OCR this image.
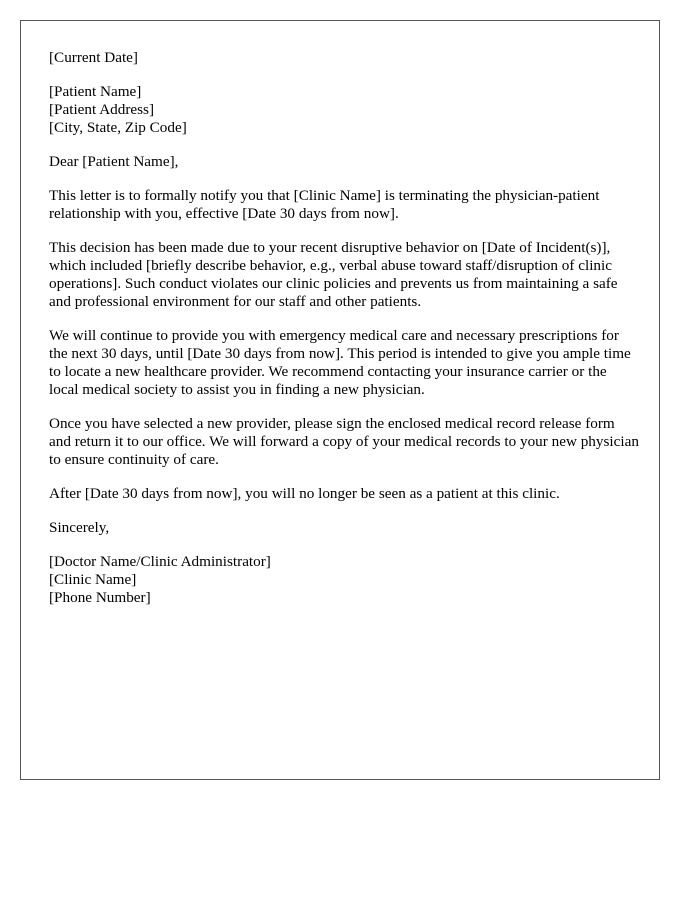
[Current Date]
[Patient Name]
[Patient Address]
[City, State, Zip Code]

Dear [Patient Name],

This letter is to formally notify you that [Clinic Name] is terminating the physician-patient relationship with you, effective [Date 30 days from now].

This decision has been made due to your recent disruptive behavior on [Date of Incident(s)], which included [briefly describe behavior, e.g., verbal abuse toward staff/disruption of clinic operations]. Such conduct violates our clinic policies and prevents us from maintaining a safe and professional environment for our staff and other patients.

We will continue to provide you with emergency medical care and necessary prescriptions for the next 30 days, until [Date 30 days from now]. This period is intended to give you ample time to locate a new healthcare provider. We recommend contacting your insurance carrier or the local medical society to assist you in finding a new physician.

Once you have selected a new provider, please sign the enclosed medical record release form and return it to our office. We will forward a copy of your medical records to your new physician to ensure continuity of care.

After [Date 30 days from now], you will no longer be seen as a patient at this clinic.

Sincerely,

[Doctor Name/Clinic Administrator]
[Clinic Name]
[Phone Number]
